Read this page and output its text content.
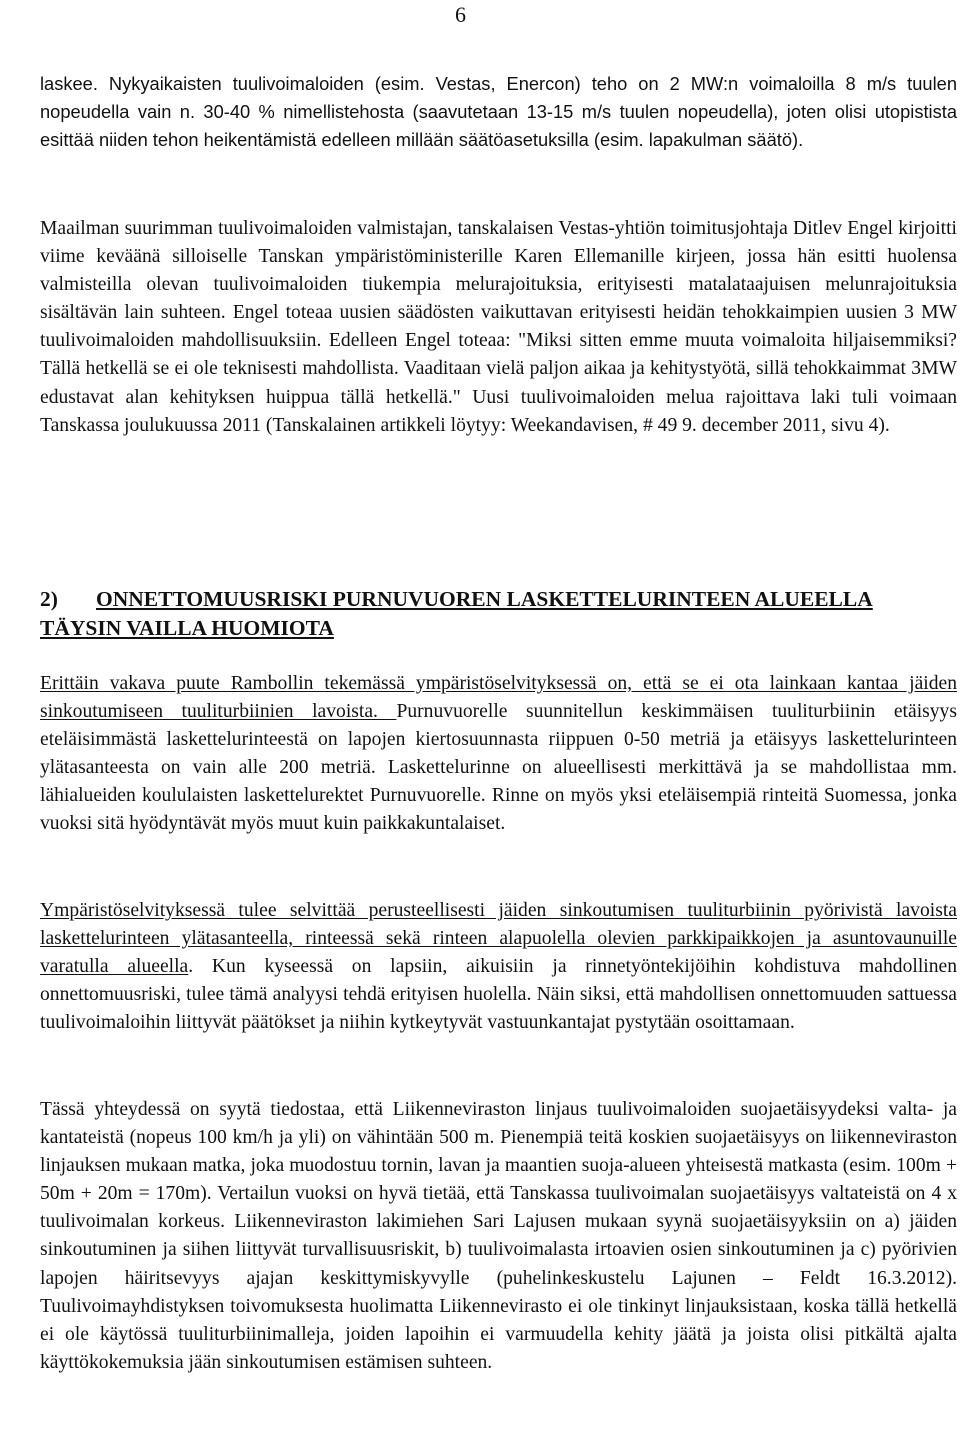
6

laskee. Nykyaikaisten tuulivoimaloiden (esim. Vestas, Enercon) teho on 2 MW:n voimaloilla 8 m/s tuulen nopeudella vain n. 30-40 % nimellistehosta (saavutetaan 13-15 m/s tuulen nopeudella), joten olisi utopistista esittää niiden tehon heikentämistä edelleen millään säätöasetuksilla (esim. lapakulman säätö).

Maailman suurimman tuulivoimaloiden valmistajan, tanskalaisen Vestas-yhtiön toimitusjohtaja Ditlev Engel kirjoitti viime keväänä silloiselle Tanskan ympäristöministerille Karen Ellemanille kirjeen, jossa hän esitti huolensa valmisteilla olevan tuulivoimaloiden tiukempia melurajoituksia, erityisesti matalataajuisen melunrajoituksia sisältävän lain suhteen. Engel toteaa uusien säädösten vaikuttavan erityisesti heidän tehokkaimpien uusien 3 MW tuulivoimaloiden mahdollisuuksiin. Edelleen Engel toteaa: "Miksi sitten emme muuta voimaloita hiljaisemmiksi? Tällä hetkellä se ei ole teknisesti mahdollista. Vaaditaan vielä paljon aikaa ja kehitystyötä, sillä tehokkaimmat 3MW edustavat alan kehityksen huippua tällä hetkellä." Uusi tuulivoimaloiden melua rajoittava laki tuli voimaan Tanskassa joulukuussa 2011 (Tanskalainen artikkeli löytyy: Weekandavisen, # 49 9. december 2011, sivu 4).

2) ONNETTOMUUSRISKI PURNUVUOREN LASKETTELURINTEEN ALUEELLA
TÄYSIN VAILLA HUOMIOTA

Erittäin vakava puute Rambollin tekemässä ympäristöselvityksessä on, että se ei ota lainkaan kantaa jäiden sinkoutumiseen tuuliturbiinien lavoista. Purnuvuorelle suunnitellun keskimmäisen tuuliturbiinin etäisyys eteläisimmästä laskettelurinteestä on lapojen kiertosuunnasta riippuen 0-50 metriä ja etäisyys laskettelurinteen ylätasanteesta on vain alle 200 metriä. Laskettelurinne on alueellisesti merkittävä ja se mahdollistaa mm. lähialueiden koululaisten laskettelurektet Purnuvuorelle. Rinne on myös yksi eteläisempiä rinteitä Suomessa, jonka vuoksi sitä hyödyntävät myös muut kuin paikkakuntalaiset.

Ympäristöselvityksessä tulee selvittää perusteellisesti jäiden sinkoutumisen tuuliturbiinin pyörivistä lavoista laskettelurinteen ylätasanteella, rinteessä sekä rinteen alapuolella olevien parkkipaikkojen ja asuntovaunuille varatulla alueella. Kun kyseessä on lapsiin, aikuisiin ja rinnetyöntekijöihin kohdistuva mahdollinen onnettomuusriski, tulee tämä analyysi tehdä erityisen huolella. Näin siksi, että mahdollisen onnettomuuden sattuessa tuulivoimaloihin liittyvät päätökset ja niihin kytkeytyvät vastuunkantajat pystytään osoittamaan.

Tässä yhteydessä on syytä tiedostaa, että Liikenneviraston linjaus tuulivoimaloiden suojaetäisyydeksi valta- ja kantateistä (nopeus 100 km/h ja yli) on vähintään 500 m. Pienempiä teitä koskien suojaetäisyys on liikenneviraston linjauksen mukaan matka, joka muodostuu tornin, lavan ja maantien suoja-alueen yhteisestä matkasta (esim. 100m + 50m + 20m = 170m). Vertailun vuoksi on hyvä tietää, että Tanskassa tuulivoimalan suojaetäisyys valtateistä on 4 x tuulivoimalan korkeus. Liikenneviraston lakimiehen Sari Lajusen mukaan syynä suojaetäisyyksiin on a) jäiden sinkoutuminen ja siihen liittyvät turvallisuusriskit, b) tuulivoimalasta irtoavien osien sinkoutuminen ja c) pyörivien lapojen häiritsevyys ajajan keskittymiskyvylle (puhelinkeskustelu Lajunen – Feldt 16.3.2012). Tuulivoimayhdistyksen toivomuksesta huolimatta Liikennevirasto ei ole tinkinyt linjauksistaan, koska tällä hetkellä ei ole käytössä tuuliturbiinimalleja, joiden lapoihin ei varmuudella kehity jäätä ja joista olisi pitkältä ajalta käyttökokemuksia jään sinkoutumisen estämisen suhteen.
